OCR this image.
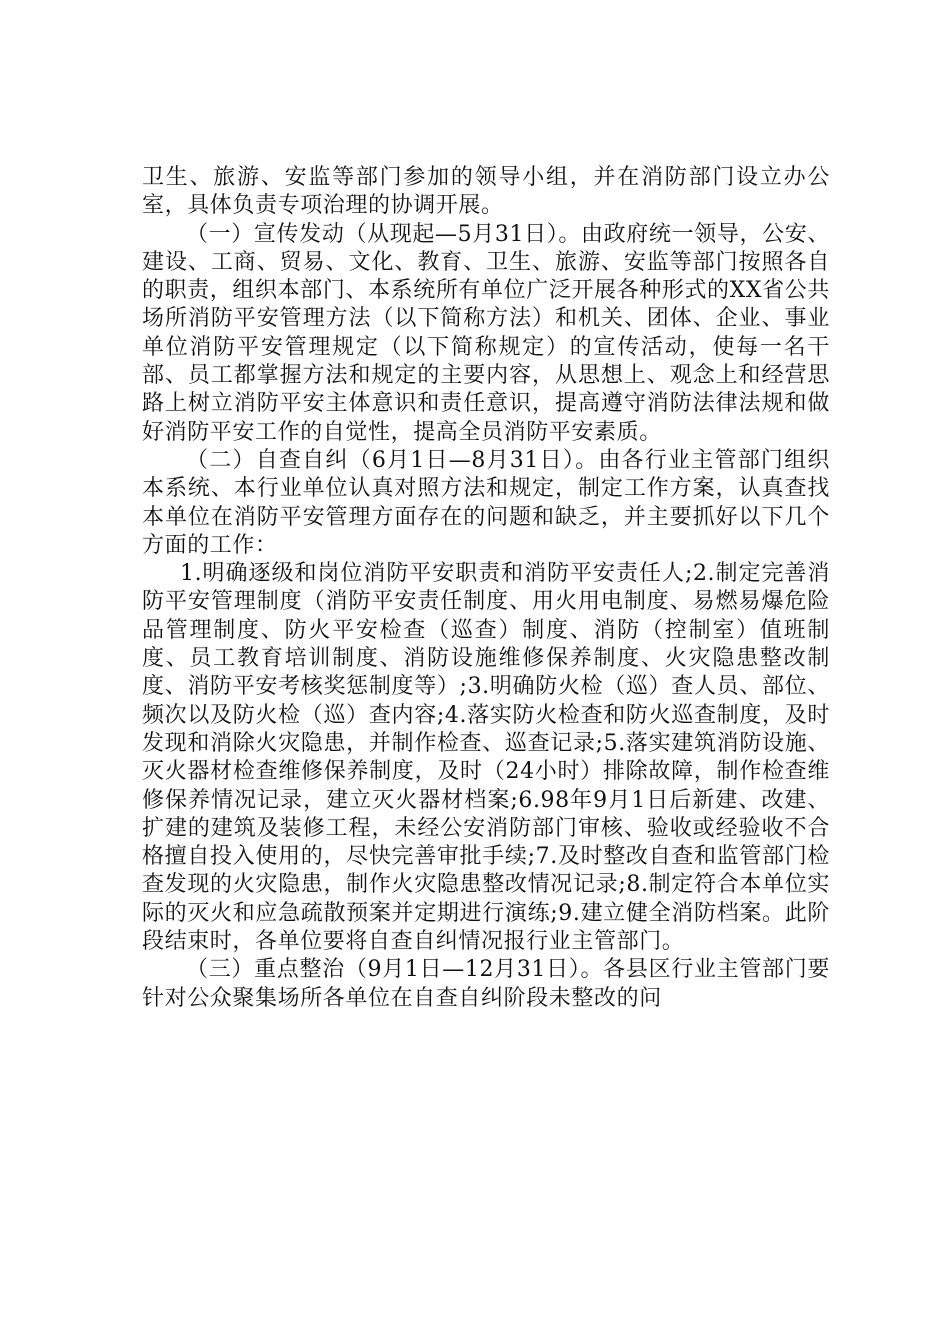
卫生、旅游、安监等部门参加的领导小组，并在消防部门设立办公室，具体负责专项治理的协调开展。

（一）宣传发动（从现起—5月31日）。由政府统一领导，公安、建设、工商、贸易、文化、教育、卫生、旅游、安监等部门按照各自的职责，组织本部门、本系统所有单位广泛开展各种形式的XX省公共场所消防平安管理方法（以下简称方法）和机关、团体、企业、事业单位消防平安管理规定（以下简称规定）的宣传活动，使每一名干部、员工都掌握方法和规定的主要内容，从思想上、观念上和经营思路上树立消防平安主体意识和责任意识，提高遵守消防法律法规和做好消防平安工作的自觉性，提高全员消防平安素质。

（二）自查自纠（6月1日—8月31日）。由各行业主管部门组织本系统、本行业单位认真对照方法和规定，制定工作方案，认真查找本单位在消防平安管理方面存在的问题和缺乏，并主要抓好以下几个方面的工作：

1.明确逐级和岗位消防平安职责和消防平安责任人;2.制定完善消防平安管理制度（消防平安责任制度、用火用电制度、易燃易爆危险品管理制度、防火平安检查（巡查）制度、消防（控制室）值班制度、员工教育培训制度、消防设施维修保养制度、火灾隐患整改制度、消防平安考核奖惩制度等）;3.明确防火检（巡）查人员、部位、频次以及防火检（巡）查内容;4.落实防火检查和防火巡查制度，及时发现和消除火灾隐患，并制作检查、巡查记录;5.落实建筑消防设施、灭火器材检查维修保养制度，及时（24小时）排除故障，制作检查维修保养情况记录，建立灭火器材档案;6.98年9月1日后新建、改建、扩建的建筑及装修工程，未经公安消防部门审核、验收或经验收不合格擅自投入使用的，尽快完善审批手续;7.及时整改自查和监管部门检查发现的火灾隐患，制作火灾隐患整改情况记录;8.制定符合本单位实际的灭火和应急疏散预案并定期进行演练;9.建立健全消防档案。此阶段结束时，各单位要将自查自纠情况报行业主管部门。

（三）重点整治（9月1日—12月31日）。各县区行业主管部门要针对公众聚集场所各单位在自查自纠阶段未整改的问
